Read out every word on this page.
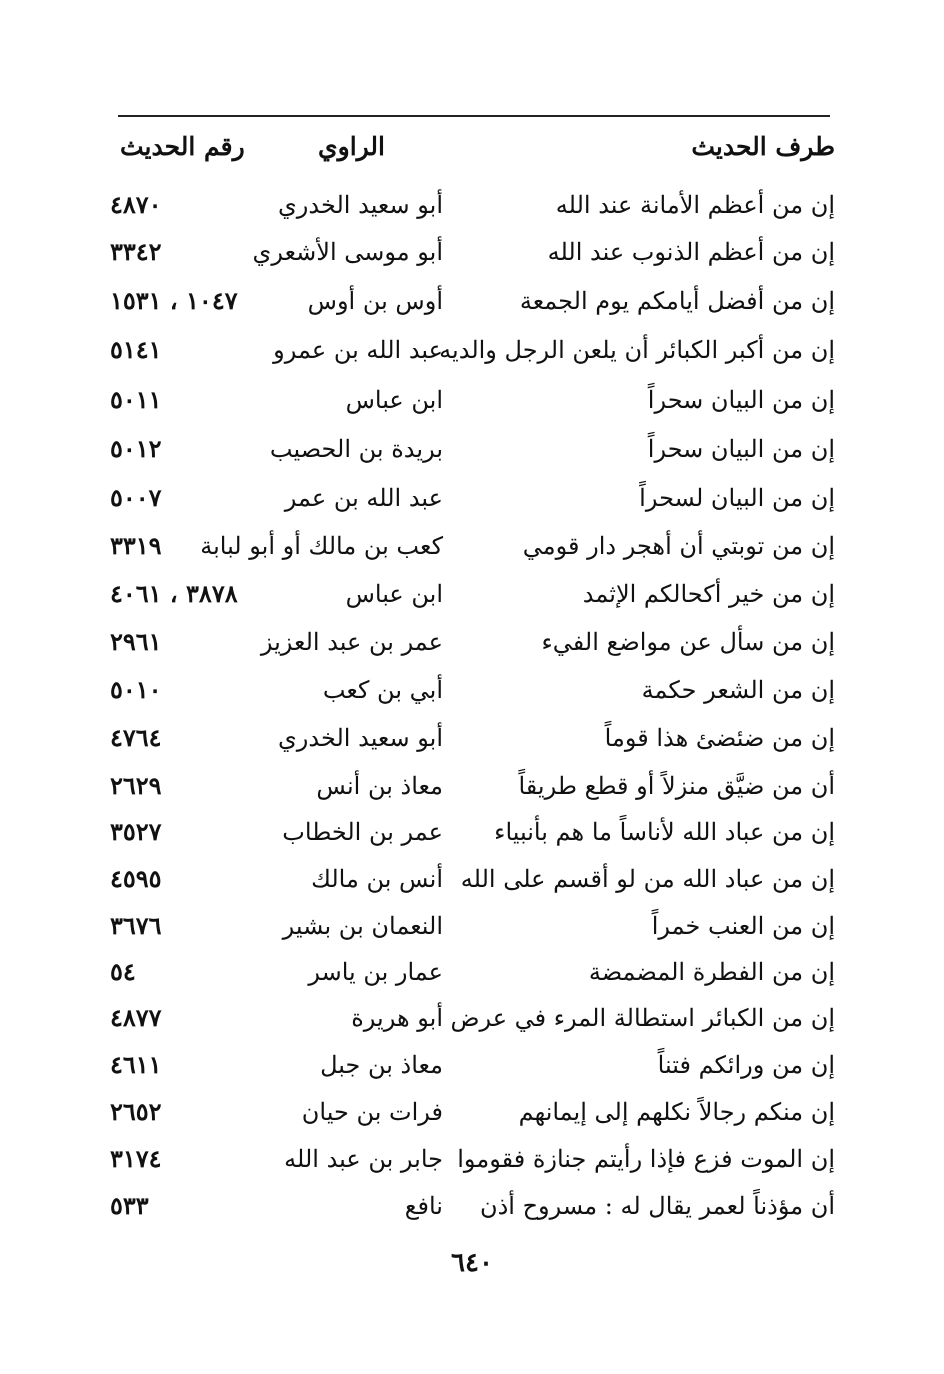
طرف الحديث
الراوي
رقم الحديث
إن من أعظم الأمانة عند الله
أبو سعيد الخدري
٤٨٧٠
إن من أعظم الذنوب عند الله
أبو موسى الأشعري
٣٣٤٢
إن من أفضل أيامكم يوم الجمعة
أوس بن أوس
١٠٤٧ ، ١٥٣١
إن من أكبر الكبائر أن يلعن الرجل والديه
عبد الله بن عمرو
٥١٤١
إن من البيان سحراً
ابن عباس
٥٠١١
إن من البيان سحراً
بريدة بن الحصيب
٥٠١٢
إن من البيان لسحراً
عبد الله بن عمر
٥٠٠٧
إن من توبتي أن أهجر دار قومي
كعب بن مالك أو أبو لبابة
٣٣١٩
إن من خير أكحالكم الإثمد
ابن عباس
٣٨٧٨ ، ٤٠٦١
إن من سأل عن مواضع الفيء
عمر بن عبد العزيز
٢٩٦١
إن من الشعر حكمة
أبي بن كعب
٥٠١٠
إن من ضئضئ هذا قوماً
أبو سعيد الخدري
٤٧٦٤
أن من ضيَّق منزلاً أو قطع طريقاً
معاذ بن أنس
٢٦٢٩
إن من عباد الله لأناساً ما هم بأنبياء
عمر بن الخطاب
٣٥٢٧
إن من عباد الله من لو أقسم على الله
أنس بن مالك
٤٥٩٥
إن من العنب خمراً
النعمان بن بشير
٣٦٧٦
إن من الفطرة المضمضة
عمار بن ياسر
٥٤
إن من الكبائر استطالة المرء في عرض
أبو هريرة
٤٨٧٧
إن من ورائكم فتناً
معاذ بن جبل
٤٦١١
إن منكم رجالاً نكلهم إلى إيمانهم
فرات بن حيان
٢٦٥٢
إن الموت فزع فإذا رأيتم جنازة فقوموا
جابر بن عبد الله
٣١٧٤
أن مؤذناً لعمر يقال له : مسروح أذن
نافع
٥٣٣
٦٤٠
